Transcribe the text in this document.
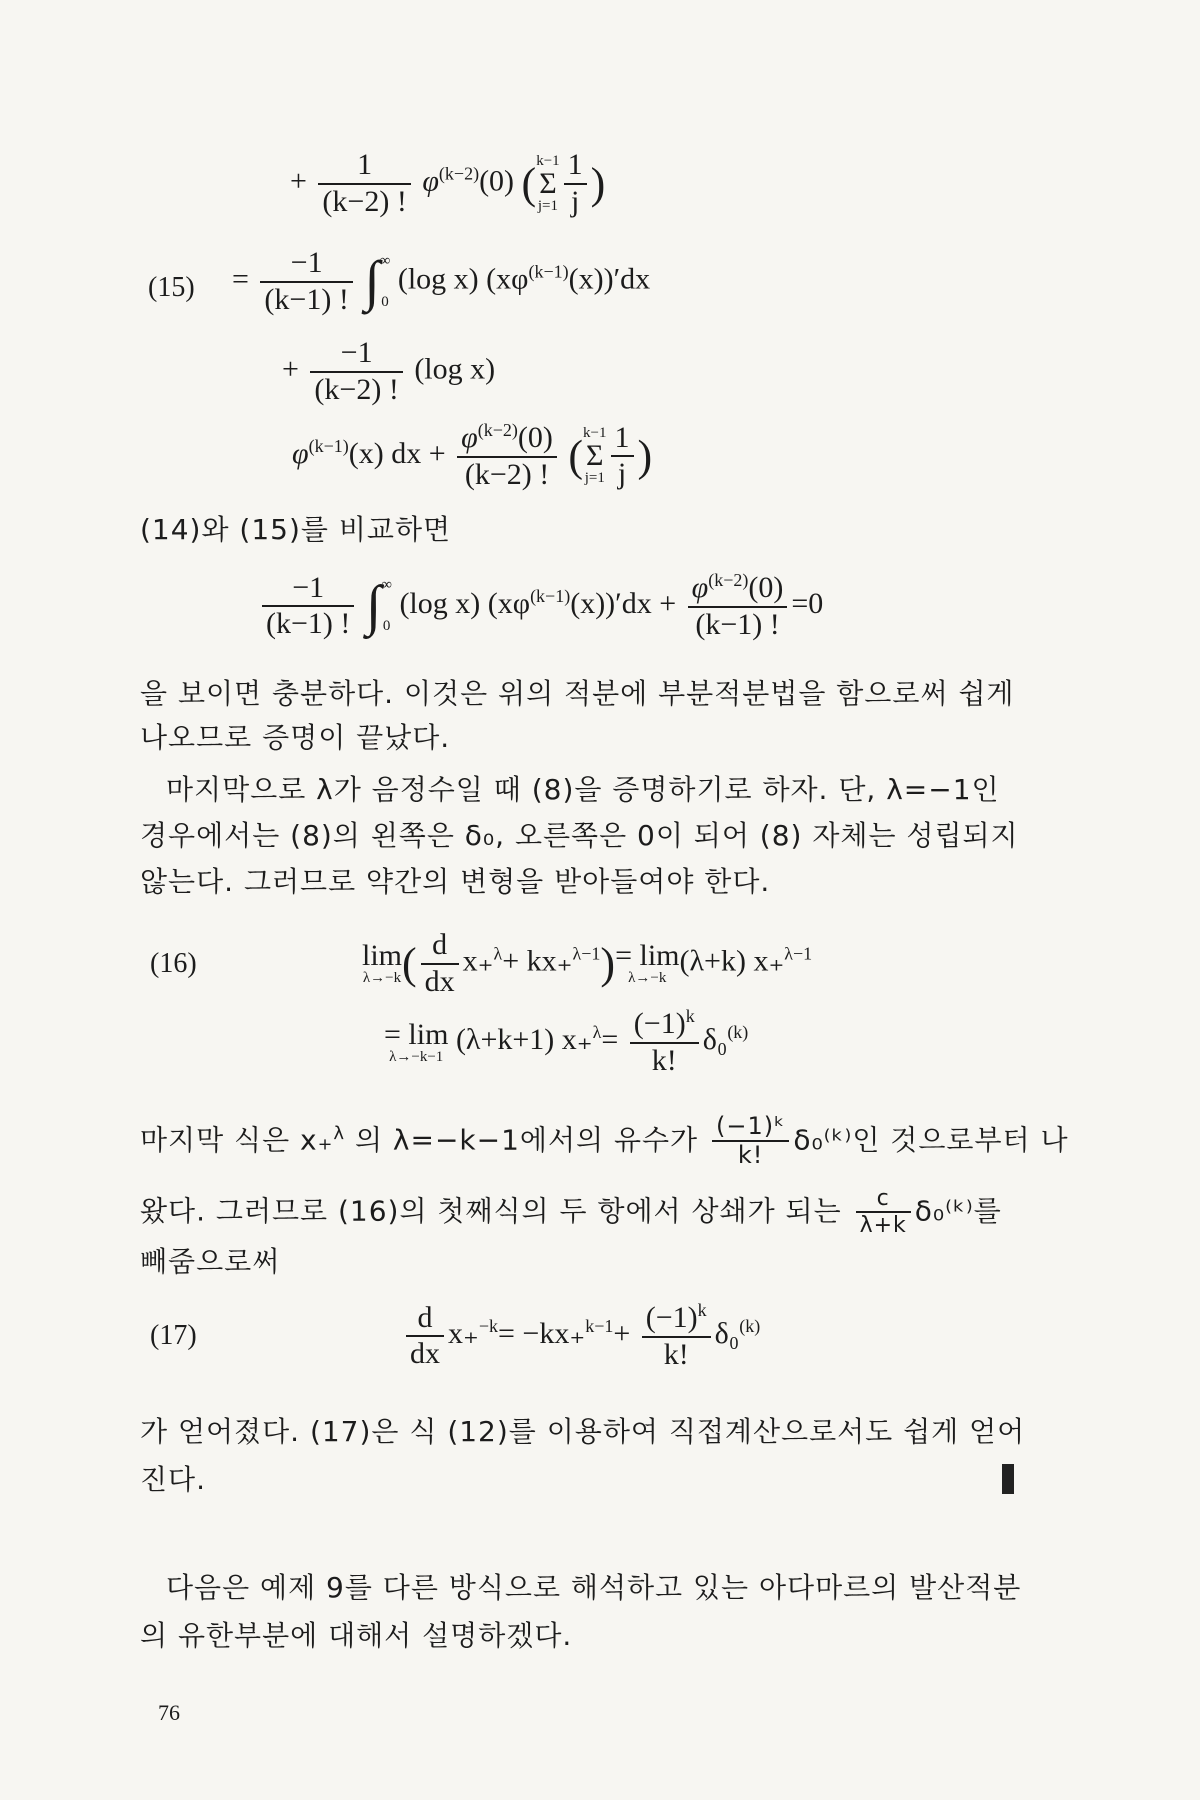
+ $\frac{1}{(k-2) !} \varphi^{(k-2)}(0)$ (k−1
Σ
$j=1 \frac{1}{j}$ )
$(15) = \frac{-1}{(k-1) !}$ ∫∞
0 (log x) $(x\varphi^{(k-1)}(x))'dx$
+ $\frac{-1}{(k-2) !} (\log$ x)
$\varphi^{(k-1)}(x)$ dx + $\frac{\varphi^{(k-2)}(0)}{(k-2) !} (k-1$
Σ
$j=1 \frac{1}{j}$ )
(14)와 (15)를 비교하면
$\frac{-1}{(k-1) !}$ ∫∞
0 (log x) $(x\varphi^{(k-1)}(x))'dx + \frac{\varphi^{(k-2)}(0)}{(k-1) !} =0$
을 보이면 충분하다. 이것은 위의 적분에 부분적분법을 함으로써 쉽게
나오므로 증명이 끝났다.
마지막으로 λ가 음정수일 때 (8)을 증명하기로 하자. 단, λ=−1인
경우에서는 (8)의 왼쪽은 δ₀, 오른쪽은 0이 되어 (8) 자체는 성립되지
않는다. 그러므로 약간의 변형을 받아들여야 한다.
(16)	lim
λ→−k ( $\frac{d}{dx} x_+^\lambda+ kx_+^{\lambda-1}) = \lim$
λ→−k
(λ+k) x₊$^{\lambda-1}$
= lim
λ→−k−1
(λ+k+1) $x_+^\lambda= \frac{(-1)^k}{k!} \delta_0^{(k)}$
마지막 식은 x₊$^\lambda$ 의 λ=−k−1에서의 유수가 $\frac{\text{(−1)ᵏ}}{k!}$ δ₀⁽ᵏ⁾인 것으로부터 나
왔다. 그러므로 (16)의 첫째식의 두 항에서 상쇄가 되는 $\frac{c}{\lambda+k}$ δ₀⁽ᵏ⁾를
빼줌으로써
(17)	$\frac{d}{dx} x_+^{-k}= -kx_+^{k-1}+ \frac{(-1)^k}{k!} \delta_0^{(k)}$
가 얻어졌다. (17)은 식 (12)를 이용하여 직접계산으로서도 쉽게 얻어
진다.
다음은 예제 9를 다른 방식으로 해석하고 있는 아다마르의 발산적분
의 유한부분에 대해서 설명하겠다.
76
